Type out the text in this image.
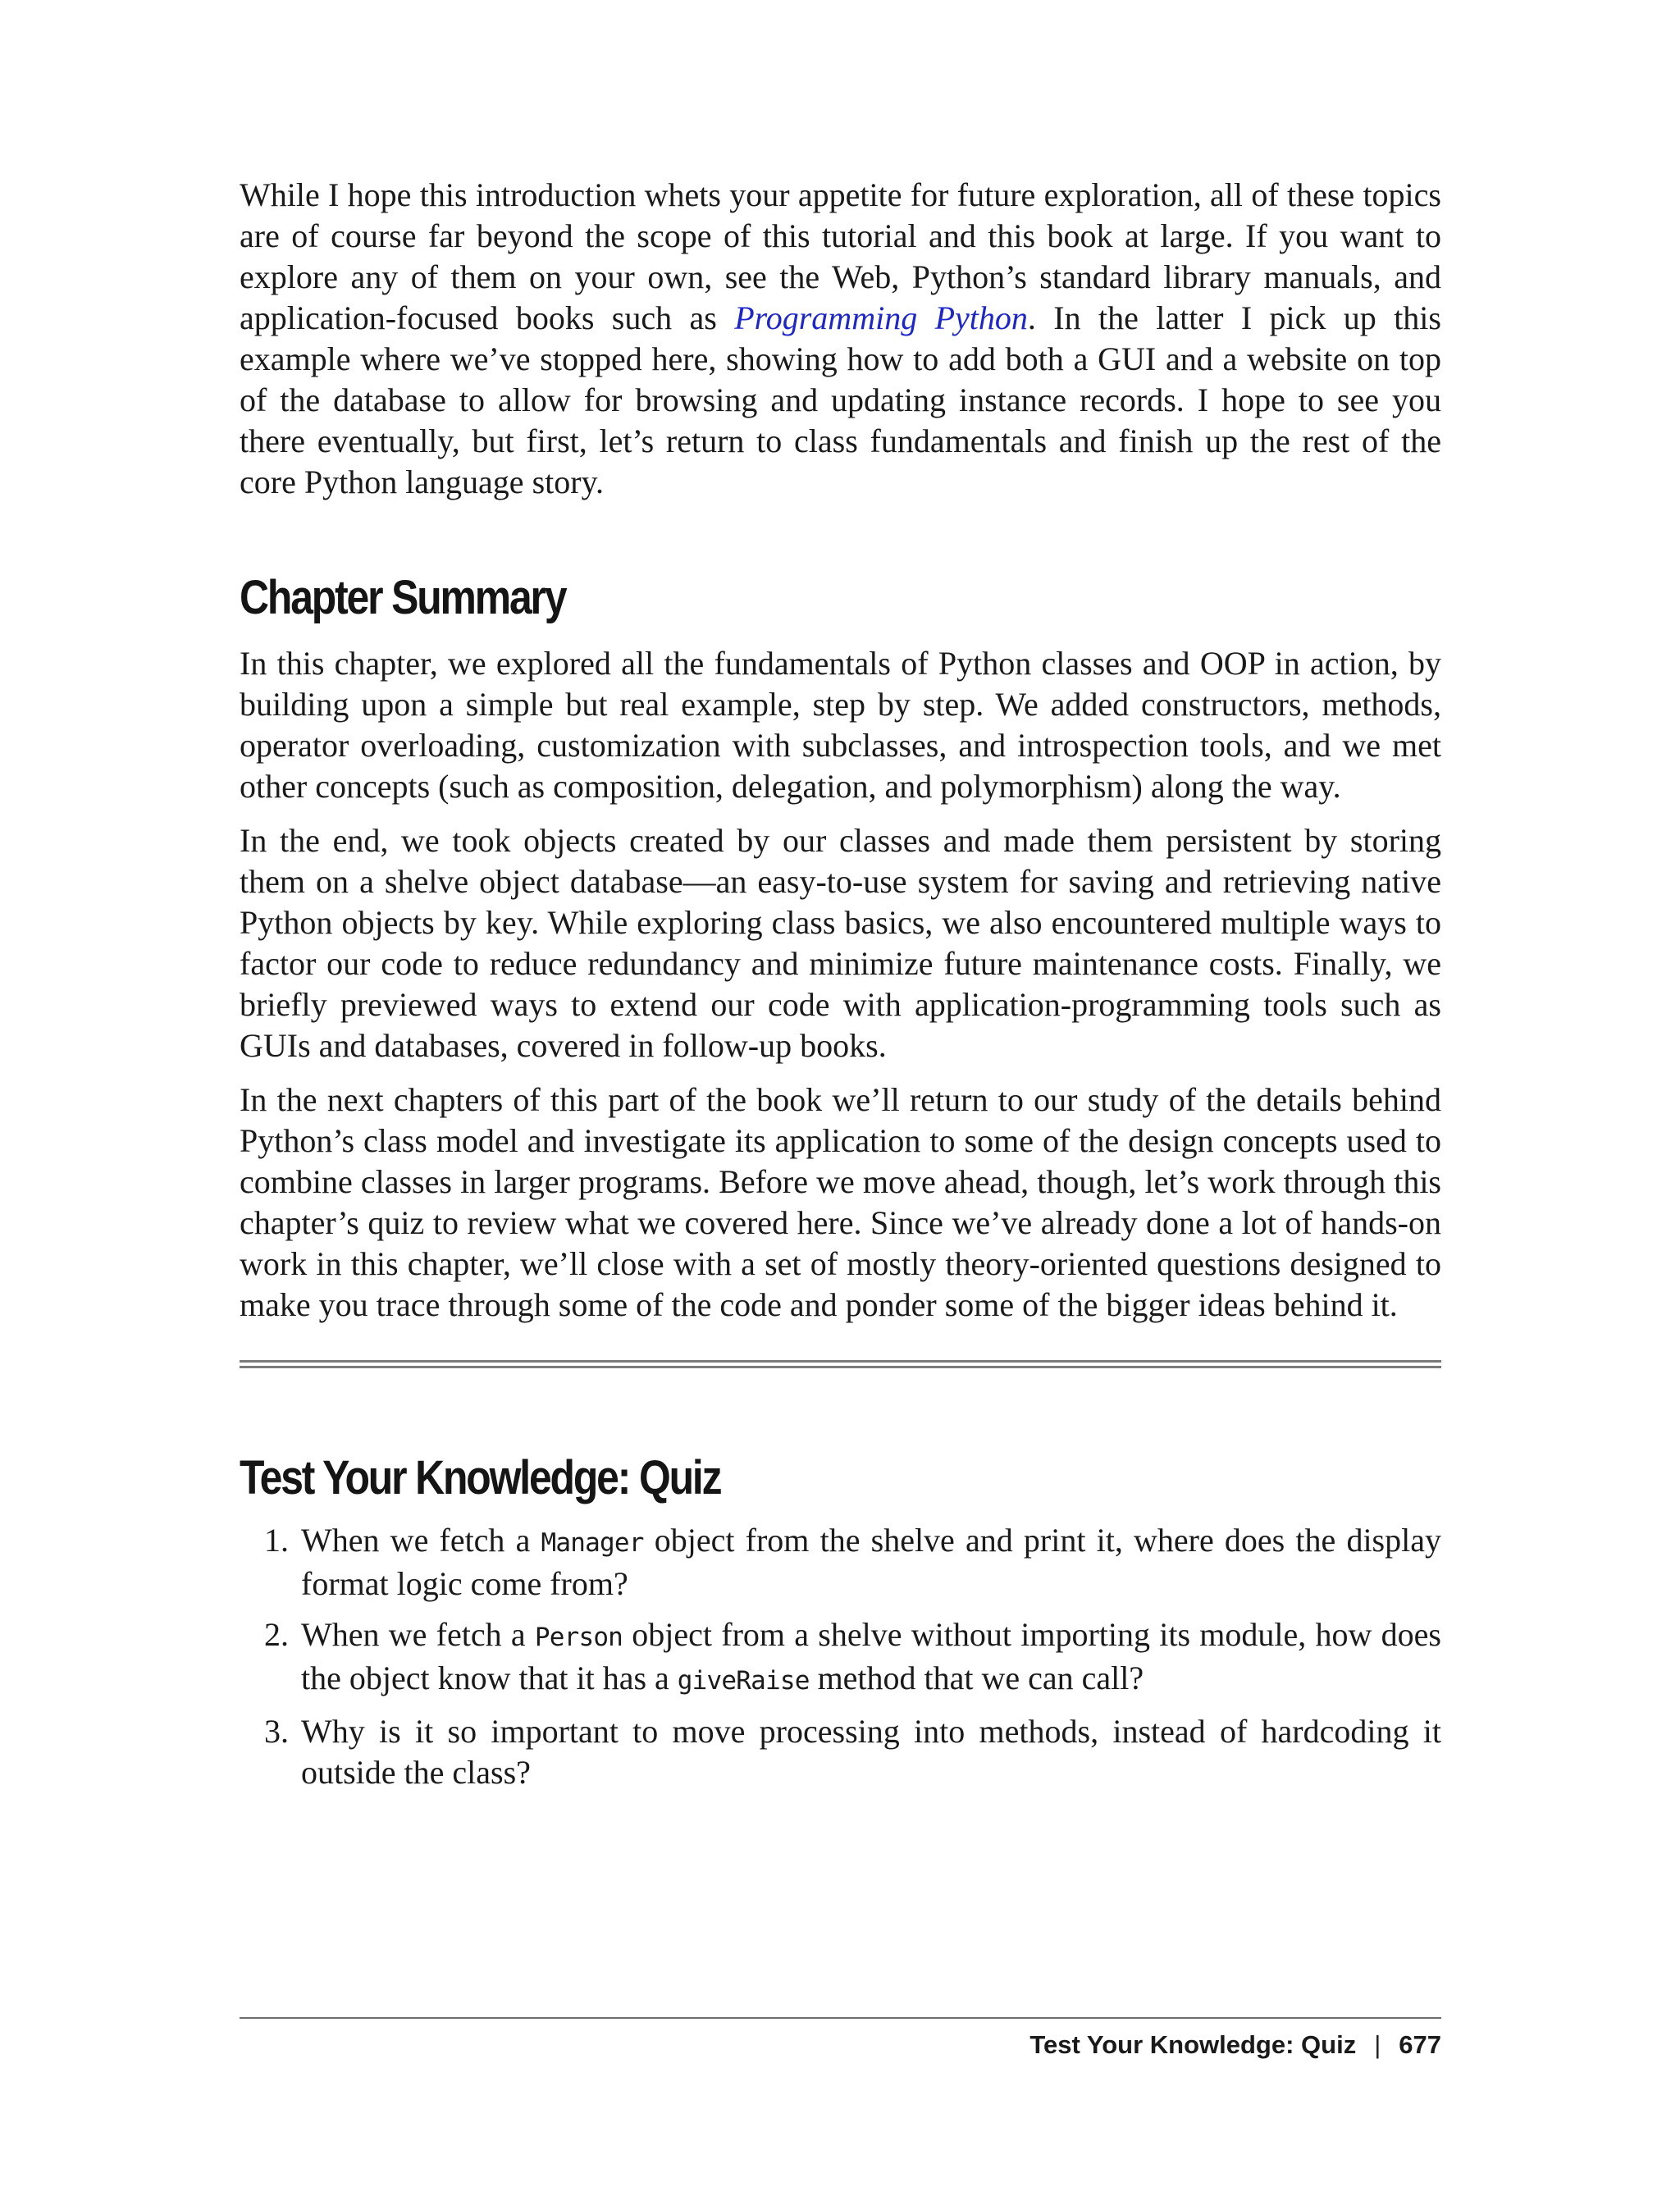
While I hope this introduction whets your appetite for future exploration, all of these topics are of course far beyond the scope of this tutorial and this book at large. If you want to explore any of them on your own, see the Web, Python’s standard library manuals, and application-focused books such as Programming Python. In the latter I pick up this example where we’ve stopped here, showing how to add both a GUI and a website on top of the database to allow for browsing and updating instance records. I hope to see you there eventually, but first, let’s return to class fundamentals and finish up the rest of the core Python language story.

Chapter Summary

In this chapter, we explored all the fundamentals of Python classes and OOP in action, by building upon a simple but real example, step by step. We added constructors, methods, operator overloading, customization with subclasses, and introspection tools, and we met other concepts (such as composition, delegation, and polymorphism) along the way.

In the end, we took objects created by our classes and made them persistent by storing them on a shelve object database—an easy-to-use system for saving and retrieving native Python objects by key. While exploring class basics, we also encountered multiple ways to factor our code to reduce redundancy and minimize future maintenance costs. Finally, we briefly previewed ways to extend our code with application-programming tools such as GUIs and databases, covered in follow-up books.

In the next chapters of this part of the book we’ll return to our study of the details behind Python’s class model and investigate its application to some of the design concepts used to combine classes in larger programs. Before we move ahead, though, let’s work through this chapter’s quiz to review what we covered here. Since we’ve already done a lot of hands-on work in this chapter, we’ll close with a set of mostly theory-oriented questions designed to make you trace through some of the code and ponder some of the bigger ideas behind it.

Test Your Knowledge: Quiz
1. When we fetch a Manager object from the shelve and print it, where does the display format logic come from?
2. When we fetch a Person object from a shelve without importing its module, how does the object know that it has a giveRaise method that we can call?
3. Why is it so important to move processing into methods, instead of hardcoding it outside the class?
Test Your Knowledge: Quiz | 677
